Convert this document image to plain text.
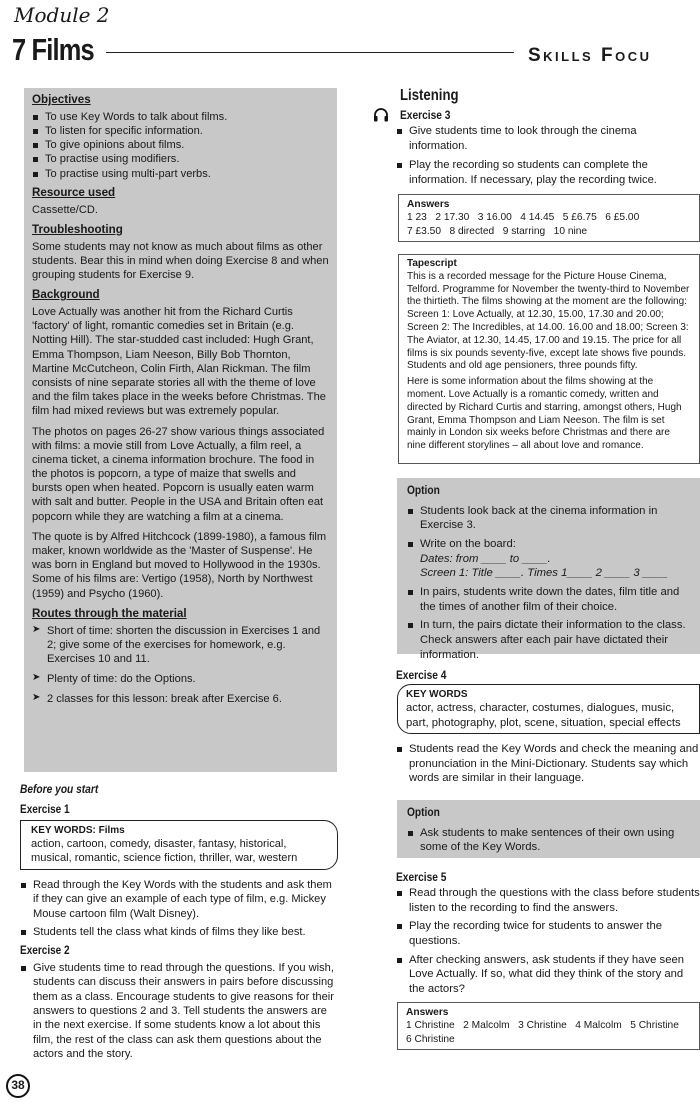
Module 2
7 Films	Skills Focu
Objectives
To use Key Words to talk about films.
To listen for specific information.
To give opinions about films.
To practise using modifiers.
To practise using multi-part verbs.
Resource used

Cassette/CD.

Troubleshooting

Some students may not know as much about films as other students. Bear this in mind when doing Exercise 8 and when grouping students for Exercise 9.

Background

Love Actually was another hit from the Richard Curtis 'factory' of light, romantic comedies set in Britain (e.g. Notting Hill). The star-studded cast included: Hugh Grant, Emma Thompson, Liam Neeson, Billy Bob Thornton, Martine McCutcheon, Colin Firth, Alan Rickman. The film consists of nine separate stories all with the theme of love and the film takes place in the weeks before Christmas. The film had mixed reviews but was extremely popular.

The photos on pages 26-27 show various things associated with films: a movie still from Love Actually, a film reel, a cinema ticket, a cinema information brochure. The food in the photos is popcorn, a type of maize that swells and bursts open when heated. Popcorn is usually eaten warm with salt and butter. People in the USA and Britain often eat popcorn while they are watching a film at a cinema.

The quote is by Alfred Hitchcock (1899-1980), a famous film maker, known worldwide as the 'Master of Suspense'. He was born in England but moved to Hollywood in the 1930s. Some of his films are: Vertigo (1958), North by Northwest (1959) and Psycho (1960).

Routes through the material
➤ Short of time: shorten the discussion in Exercises 1 and 2; give some of the exercises for homework, e.g. Exercises 10 and 11.
➤ Plenty of time: do the Options.
➤ 2 classes for this lesson: break after Exercise 6.
Before you start
Exercise 1
KEY WORDS: Films
action, cartoon, comedy, disaster, fantasy, historical, musical, romantic, science fiction, thriller, war, western
Read through the Key Words with the students and ask them if they can give an example of each type of film, e.g. Mickey Mouse cartoon film (Walt Disney).
Students tell the class what kinds of films they like best.
Exercise 2
Give students time to read through the questions. If you wish, students can discuss their answers in pairs before discussing them as a class. Encourage students to give reasons for their answers to questions 2 and 3. Tell students the answers are in the next exercise. If some students know a lot about this film, the rest of the class can ask them questions about the actors and the story.
Listening
Exercise 3
Give students time to look through the cinema information.
Play the recording so students can complete the information. If necessary, play the recording twice.
Answers
1 23   2 17.30   3 16.00   4 14.45   5 £6.75   6 £5.00
7 £3.50   8 directed   9 starring   10 nine
Tapescript

This is a recorded message for the Picture House Cinema, Telford. Programme for November the twenty-third to November the thirtieth. The films showing at the moment are the following: Screen 1: Love Actually, at 12.30, 15.00, 17.30 and 20.00; Screen 2: The Incredibles, at 14.00. 16.00 and 18.00; Screen 3: The Aviator, at 12.30, 14.45, 17.00 and 19.15. The price for all films is six pounds seventy-five, except late shows five pounds. Students and old age pensioners, three pounds fifty.

Here is some information about the films showing at the moment. Love Actually is a romantic comedy, written and directed by Richard Curtis and starring, amongst others, Hugh Grant, Emma Thompson and Liam Neeson. The film is set mainly in London six weeks before Christmas and there are nine different storylines – all about love and romance.

Option
Students look back at the cinema information in Exercise 3.
Write on the board:
Dates: from ____ to ____.
Screen 1: Title ____. Times 1____ 2 ____ 3 ____
In pairs, students write down the dates, film title and the times of another film of their choice.
In turn, the pairs dictate their information to the class. Check answers after each pair have dictated their information.
Exercise 4
KEY WORDS
actor, actress, character, costumes, dialogues, music, part, photography, plot, scene, situation, special effects
Students read the Key Words and check the meaning and pronunciation in the Mini-Dictionary. Students say which words are similar in their language.
Option
Ask students to make sentences of their own using some of the Key Words.
Exercise 5
Read through the questions with the class before students listen to the recording to find the answers.
Play the recording twice for students to answer the questions.
After checking answers, ask students if they have seen Love Actually. If so, what did they think of the story and the actors?
Answers
1 Christine   2 Malcolm   3 Christine   4 Malcolm   5 Christine
6 Christine
38
